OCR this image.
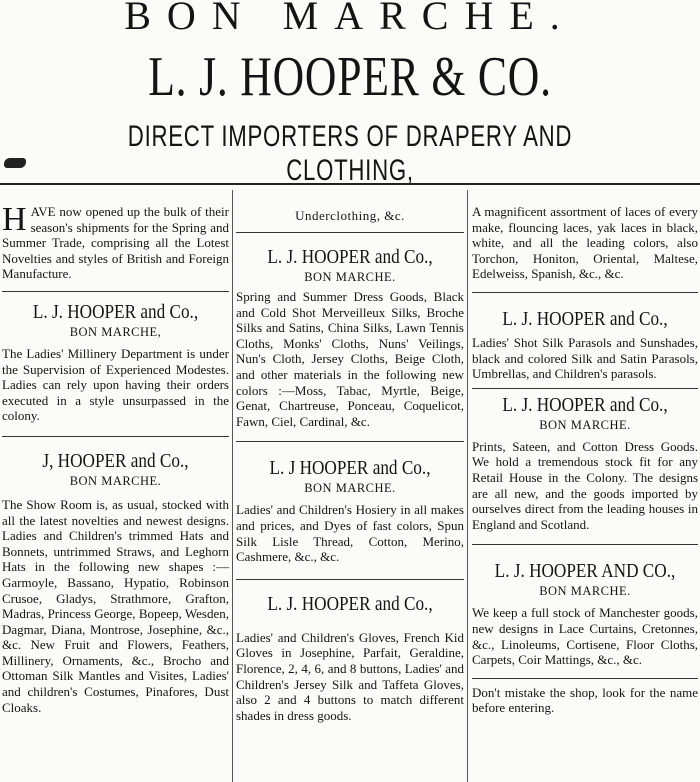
BON MARCHE.
L. J. HOOPER & CO.
DIRECT IMPORTERS OF DRAPERY AND CLOTHING,

HAVE now opened up the bulk of their season's shipments for the Spring and Summer Trade, comprising all the Lotest Novelties and styles of British and Foreign Manufacture.

L. J. HOOPER and Co.,

BON MARCHE,

The Ladies' Millinery Department is under the Supervision of Experienced Modestes. Ladies can rely upon having their orders executed in a style unsurpassed in the colony.

J, HOOPER and Co.,

BON MARCHE.

The Show Room is, as usual, stocked with all the latest novelties and newest designs. Ladies and Children's trimmed Hats and Bonnets, untrimmed Straws, and Leghorn Hats in the following new shapes :—Garmoyle, Bassano, Hypatio, Robinson Crusoe, Gladys, Strathmore, Grafton, Madras, Princess George, Bopeep, Wesden, Dagmar, Diana, Montrose, Josephine, &c., &c. New Fruit and Flowers, Feathers, Millinery, Ornaments, &c., Brocho and Ottoman Silk Mantles and Visites, Ladies' and children's Costumes, Pinafores, Dust Cloaks.

Underclothing, &c.

L. J. HOOPER and Co.,

BON MARCHE.

Spring and Summer Dress Goods, Black and Cold Shot Merveilleux Silks, Broche Silks and Satins, China Silks, Lawn Tennis Cloths, Monks' Cloths, Nuns' Veilings, Nun's Cloth, Jersey Cloths, Beige Cloth, and other materials in the following new colors :—Moss, Tabac, Myrtle, Beige, Genat, Chartreuse, Ponceau, Coquelicot, Fawn, Ciel, Cardinal, &c.

L. J HOOPER and Co.,

BON MARCHE.

Ladies' and Children's Hosiery in all makes and prices, and Dyes of fast colors, Spun Silk Lisle Thread, Cotton, Merino, Cashmere, &c., &c.

L. J. HOOPER and Co.,

Ladies' and Children's Gloves, French Kid Gloves in Josephine, Parfait, Geraldine, Florence, 2, 4, 6, and 8 buttons, Ladies' and Children's Jersey Silk and Taffeta Gloves, also 2 and 4 buttons to match different shades in dress goods.

A magnificent assortment of laces of every make, flouncing laces, yak laces in black, white, and all the leading colors, also Torchon, Honiton, Oriental, Maltese, Edelweiss, Spanish, &c., &c.

L. J. HOOPER and Co.,

Ladies' Shot Silk Parasols and Sunshades, black and colored Silk and Satin Parasols, Umbrellas, and Children's parasols.

L. J. HOOPER and Co.,

BON MARCHE.

Prints, Sateen, and Cotton Dress Goods. We hold a tremendous stock fit for any Retail House in the Colony. The designs are all new, and the goods imported by ourselves direct from the leading houses in England and Scotland.

L. J. HOOPER AND CO.,

BON MARCHE.

We keep a full stock of Manchester goods, new designs in Lace Curtains, Cretonnes, &c., Linoleums, Cortisene, Floor Cloths, Carpets, Coir Mattings, &c., &c.

Don't mistake the shop, look for the name before entering.
